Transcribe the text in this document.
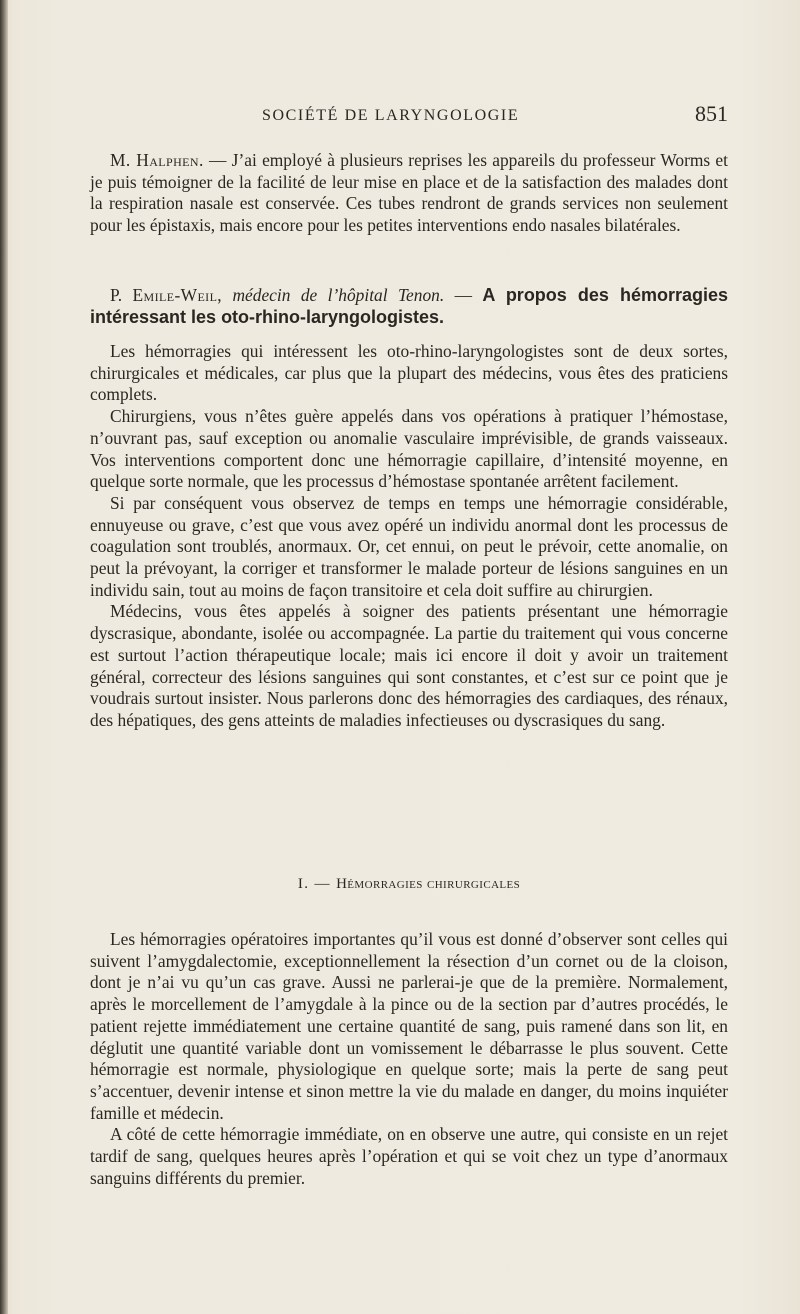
SOCIÉTÉ DE LARYNGOLOGIE	851

M. Halphen. — J’ai employé à plusieurs reprises les appareils du professeur Worms et je puis témoigner de la facilité de leur mise en place et de la satisfaction des malades dont la respiration nasale est conservée. Ces tubes rendront de grands services non seulement pour les épistaxis, mais encore pour les petites interventions endo nasales bilatérales.

P. Emile-Weil, médecin de l’hôpital Tenon. — A propos des hémorragies intéressant les oto-rhino-laryngologistes.

Les hémorragies qui intéressent les oto-rhino-laryngologistes sont de deux sortes, chirurgicales et médicales, car plus que la plupart des médecins, vous êtes des praticiens complets.

Chirurgiens, vous n’êtes guère appelés dans vos opérations à pratiquer l’hémostase, n’ouvrant pas, sauf exception ou anomalie vasculaire imprévisible, de grands vaisseaux. Vos interventions comportent donc une hémorragie capillaire, d’intensité moyenne, en quelque sorte normale, que les processus d’hémostase spontanée arrêtent facilement.

Si par conséquent vous observez de temps en temps une hémorragie considérable, ennuyeuse ou grave, c’est que vous avez opéré un individu anormal dont les processus de coagulation sont troublés, anormaux. Or, cet ennui, on peut le prévoir, cette anomalie, on peut la prévoyant, la corriger et transformer le malade porteur de lésions sanguines en un individu sain, tout au moins de façon transitoire et cela doit suffire au chirurgien.

Médecins, vous êtes appelés à soigner des patients présentant une hémorragie dyscrasique, abondante, isolée ou accompagnée. La partie du traitement qui vous concerne est surtout l’action thérapeutique locale; mais ici encore il doit y avoir un traitement général, correcteur des lésions sanguines qui sont constantes, et c’est sur ce point que je voudrais surtout insister. Nous parlerons donc des hémorragies des cardiaques, des rénaux, des hépatiques, des gens atteints de maladies infectieuses ou dyscrasiques du sang.

I. — Hémorragies chirurgicales

Les hémorragies opératoires importantes qu’il vous est donné d’observer sont celles qui suivent l’amygdalectomie, exceptionnellement la résection d’un cornet ou de la cloison, dont je n’ai vu qu’un cas grave. Aussi ne parlerai-je que de la première. Normalement, après le morcellement de l’amygdale à la pince ou de la section par d’autres procédés, le patient rejette immédiatement une certaine quantité de sang, puis ramené dans son lit, en déglutit une quantité variable dont un vomissement le débarrasse le plus souvent. Cette hémorragie est normale, physiologique en quelque sorte; mais la perte de sang peut s’accentuer, devenir intense et sinon mettre la vie du malade en danger, du moins inquiéter famille et médecin.

A côté de cette hémorragie immédiate, on en observe une autre, qui consiste en un rejet tardif de sang, quelques heures après l’opération et qui se voit chez un type d’anormaux sanguins différents du premier.
